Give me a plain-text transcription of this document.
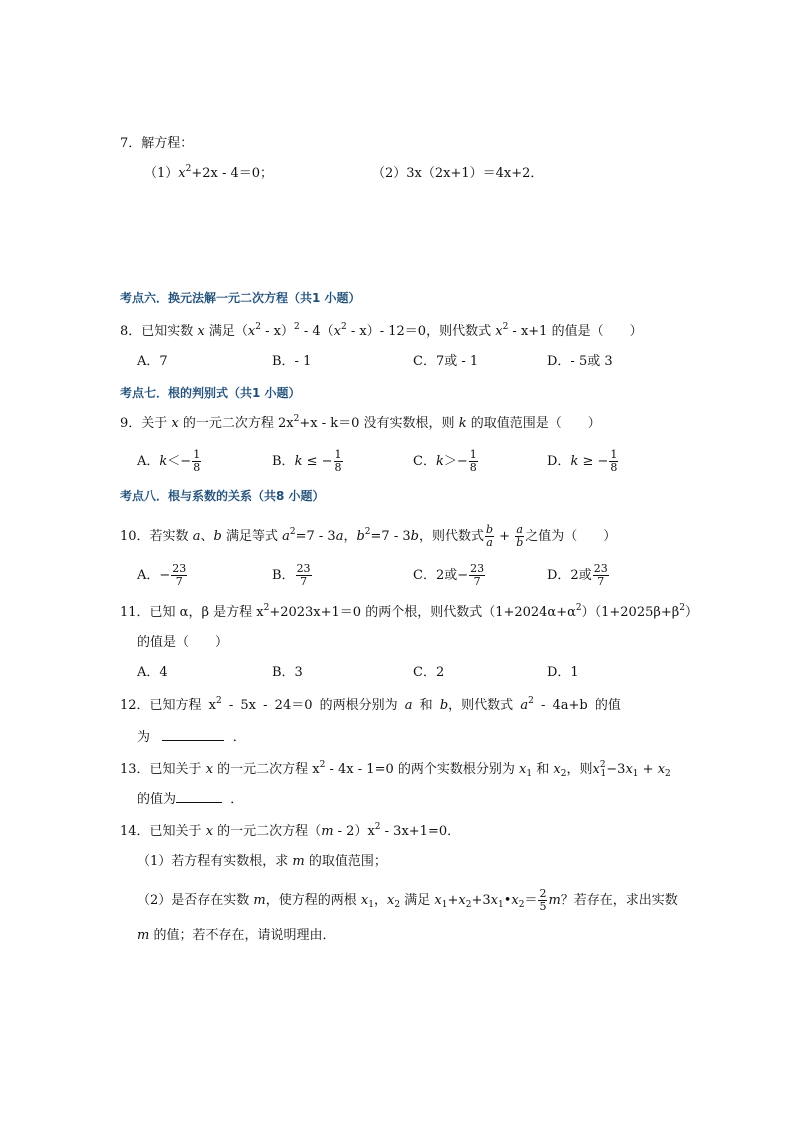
7．解方程：
$(1)x^2+2x - 4=0$；	（2）3x（2x+1）＝4x+2．
考点六．换元法解一元二次方程（共1 小题）
8．已知实数 x 满足$(x^2 - x)^2 - 4(x^2 - x)-$ 12＝0，则代数式 $x^2 - x+1$ 的值是（　　）
A．7	B．- 1	C．7或 - 1	D．- 5或 3
考点七．根的判别式（共1 小题）
9．关于 x 的一元二次方程 $2x^2+x - k=0$ 没有实数根，则 k 的取值范围是（　　）
A．$k<- \frac{1}{8}$	B．k ≤ − $\frac{1}{8}$	C．$k>- \frac{1}{8}$	D．k ≥ − $\frac{1}{8}$
考点八．根与系数的关系（共8 小题）
10．若实数 a、b 满足等式 $a^2=7 - 3a$，$b^2=7 - 3b$，则代数式 $\frac{b}{a} + \frac{a}{b}$ 之值为（　　）
A．− $\frac{23}{7}$	B． $\frac{23}{7}$	C．2或− $\frac{23}{7}$	D．2或 $\frac{23}{7}$
11．已知 α，β 是方程 $x^2+2023x+1=0$ 的两个根，则代数式$(1+2024\alpha+\alpha^2)(1+2025\beta+\beta^2)$
的值是（　　）
A．4	B．3	C．2	D．1
12．已知方程 $x^2 - 5x - 24=0$ 的两根分别为 a 和 b，则代数式 $a^2 - 4a+b$ 的值
为	．
13．已知关于 x 的一元二次方程 $x^2 - 4x - 1=0$ 的两个实数根分别为 $x_1$ 和 $x_2$，则$x^2_1-3x_1 + x_2$
的值为	．
14．已知关于 x 的一元二次方程$(m - 2)x^2 - 3x+1=0$．
（1）若方程有实数根，求 m 的取值范围；
（2）是否存在实数 m，使方程的两根 $x_1$，$x_2$ 满足 $x_1+x_2+3x_1•x_2= \frac{2}{5}$ m？若存在，求出实数
m 的值；若不存在，请说明理由．
